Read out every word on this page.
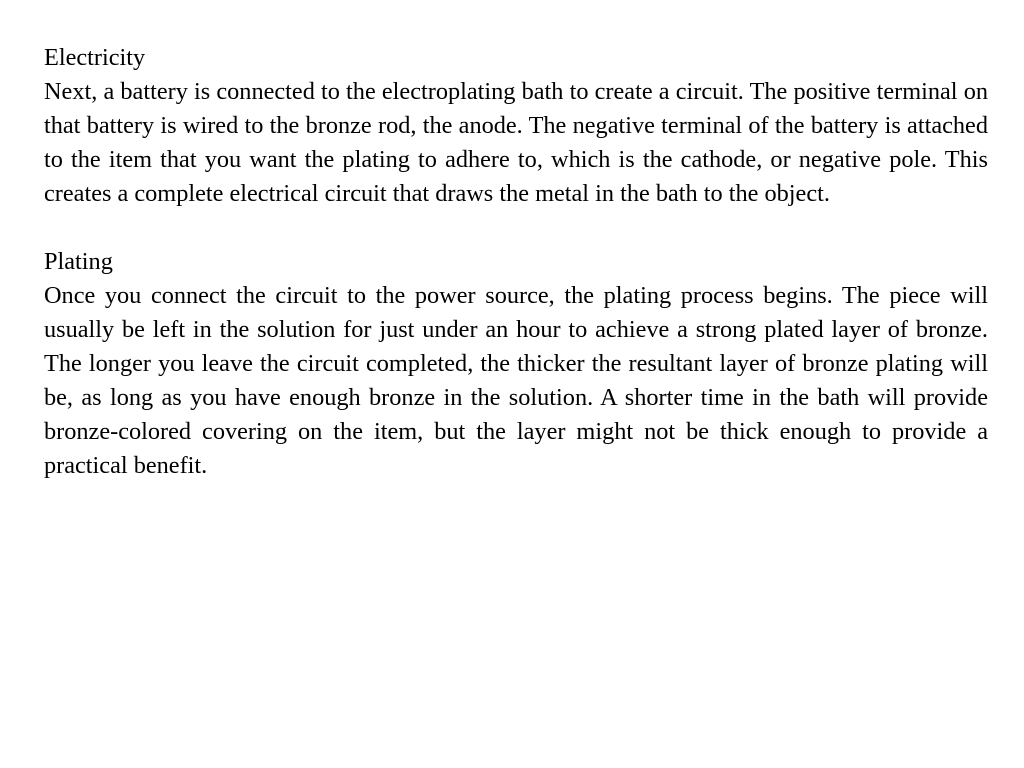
Electricity

Next, a battery is connected to the electroplating bath to create a circuit. The positive terminal on that battery is wired to the bronze rod, the anode. The negative terminal of the battery is attached to the item that you want the plating to adhere to, which is the cathode, or negative pole. This creates a complete electrical circuit that draws the metal in the bath to the object.

Plating

Once you connect the circuit to the power source, the plating process begins. The piece will usually be left in the solution for just under an hour to achieve a strong plated layer of bronze. The longer you leave the circuit completed, the thicker the resultant layer of bronze plating will be, as long as you have enough bronze in the solution. A shorter time in the bath will provide bronze-colored covering on the item, but the layer might not be thick enough to provide a practical benefit.
